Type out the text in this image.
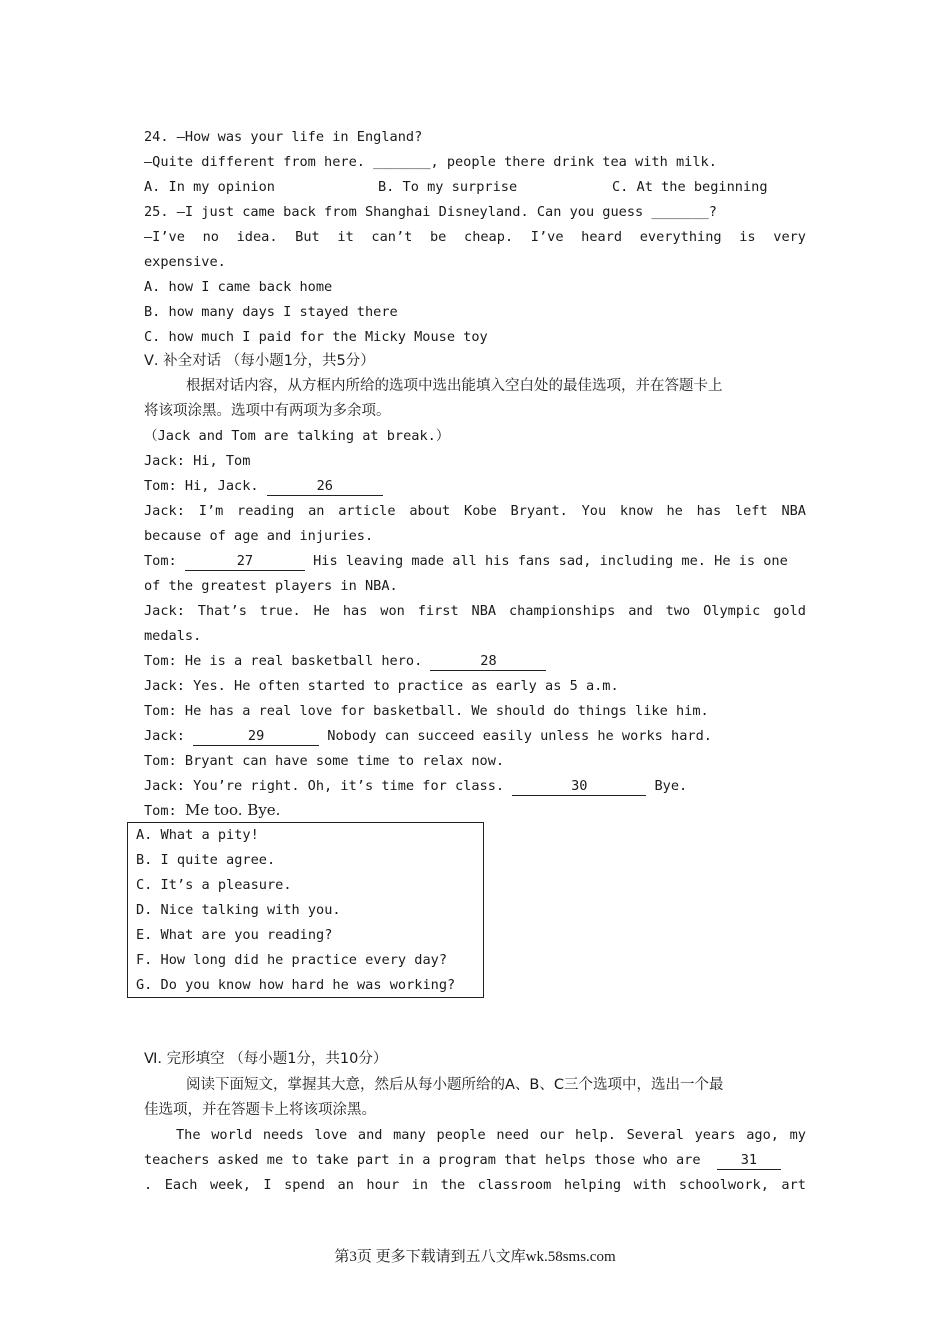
24. —How was your life in England?
—Quite different from here. _______, people there drink tea with milk.
A. In my opinion	B. To my surprise	C. At the beginning
25. —I just came back from Shanghai Disneyland. Can you guess _______?
—I’ve no idea. But it can’t be cheap. I’ve heard everything is very
expensive.
A. how I came back home
B. how many days I stayed there
C. how much I paid for the Micky Mouse toy
Ⅴ. 补全对话 （每小题1分，共5分）
根据对话内容，从方框内所给的选项中选出能填入空白处的最佳选项，并在答题卡上
将该项涂黑。选项中有两项为多余项。
（Jack and Tom are talking at break.）
Jack: Hi, Tom
Tom: Hi, Jack.	26
Jack: I’m reading an article about Kobe Bryant. You know he has left NBA
because of age and injuries.
Tom:	27	His leaving made all his fans sad, including me. He is one
of the greatest players in NBA.
Jack: That’s true. He has won first NBA championships and two Olympic gold
medals.
Tom: He is a real basketball hero.	28
Jack: Yes. He often started to practice as early as 5 a.m.
Tom: He has a real love for basketball. We should do things like him.
Jack:	29	Nobody can succeed easily unless he works hard.
Tom: Bryant can have some time to relax now.
Jack: You’re right. Oh, it’s time for class.	30	Bye.
Tom: Me too. Bye.
A. What a pity!
B. I quite agree.
C. It’s a pleasure.
D. Nice talking with you.
E. What are you reading?
F. How long did he practice every day?
G. Do you know how hard he was working?
Ⅵ. 完形填空 （每小题1分，共10分）
阅读下面短文，掌握其大意，然后从每小题所给的A、B、C三个选项中，选出一个最
佳选项，并在答题卡上将该项涂黑。
The world needs love and many people need our help. Several years ago, my
teachers asked me to take part in a program that helps those who are	31
. Each week, I spend an hour in the classroom helping with schoolwork, art
第3页 更多下载请到五八文库wk.58sms.com
